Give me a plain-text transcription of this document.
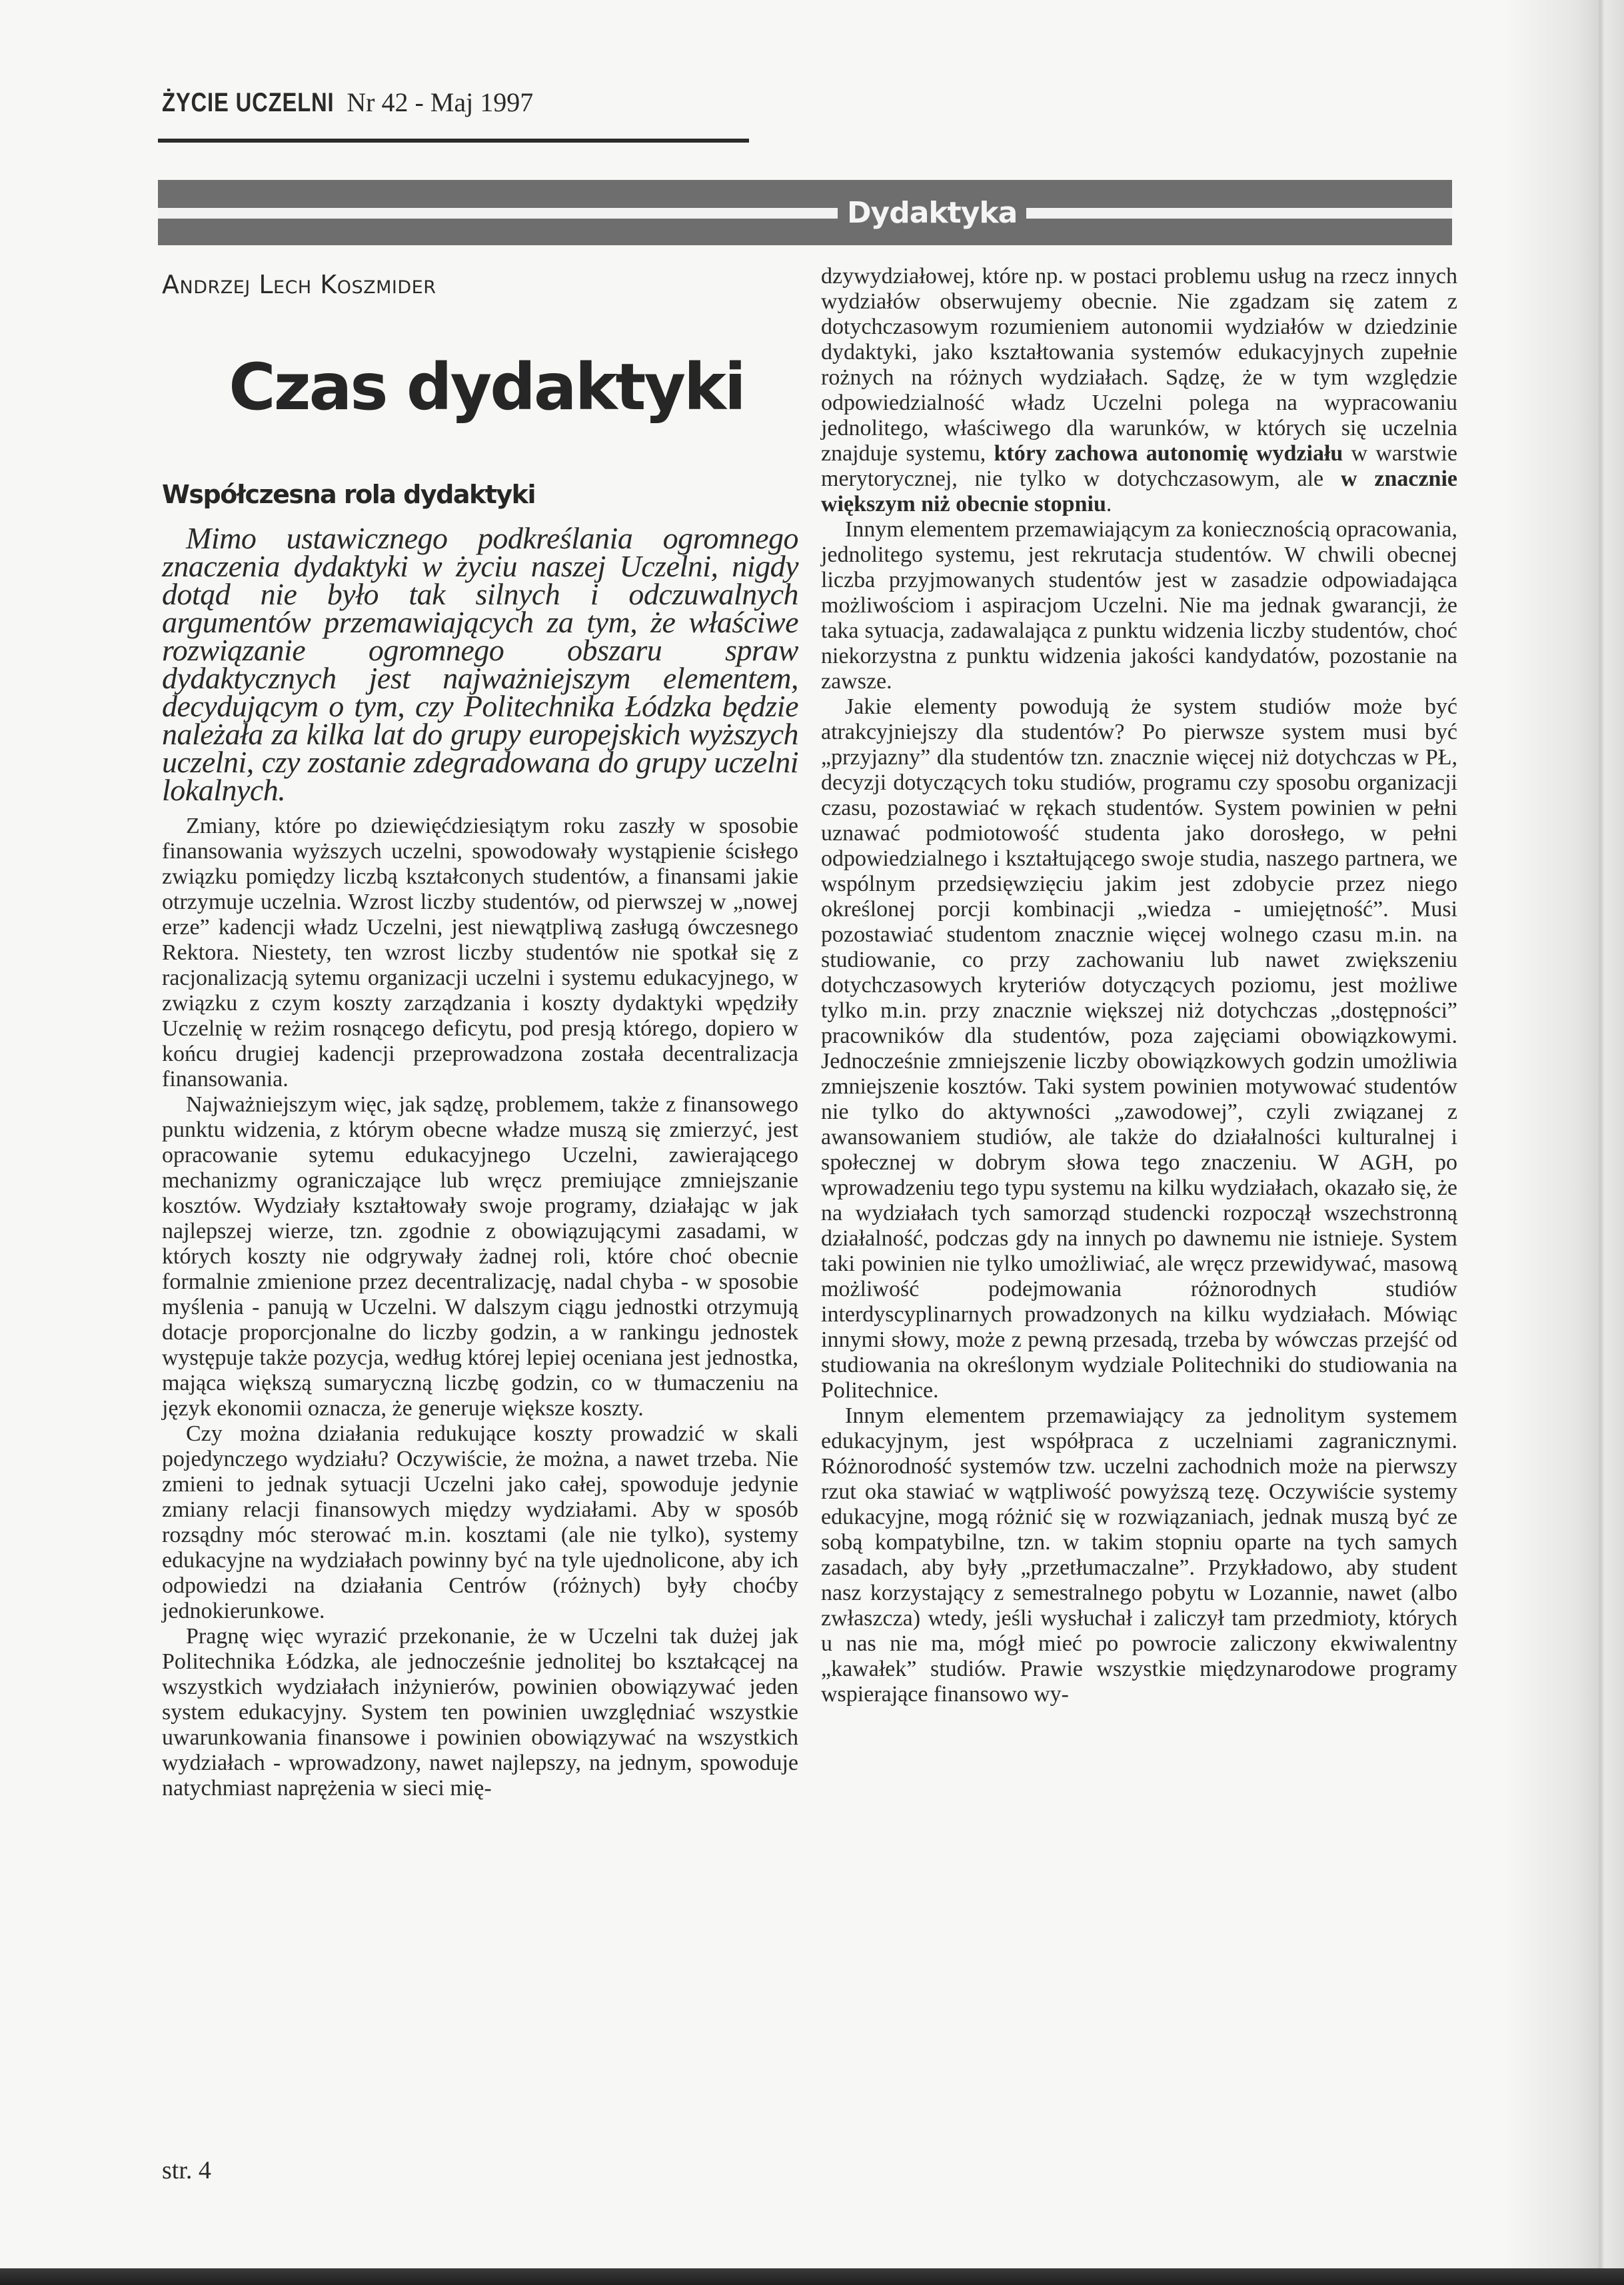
ŻYCIE UCZELNI Nr 42 - Maj 1997
Dydaktyka
Andrzej Lech Koszmider
Czas dydaktyki
Współczesna rola dydaktyki

Mimo ustawicznego podkreślania ogromnego znaczenia dydaktyki w życiu naszej Uczelni, nigdy dotąd nie było tak silnych i odczuwalnych argumentów przemawiających za tym, że właściwe rozwiązanie ogromnego obszaru spraw dydaktycznych jest najważniejszym elementem, decydującym o tym, czy Politechnika Łódzka będzie należała za kilka lat do grupy europejskich wyższych uczelni, czy zostanie zdegradowana do grupy uczelni lokalnych.

Zmiany, które po dziewięćdziesiątym roku zaszły w sposobie finansowania wyższych uczelni, spowodowały wystąpienie ścisłego związku pomiędzy liczbą kształconych studentów, a finansami jakie otrzymuje uczelnia. Wzrost liczby studentów, od pierwszej w „nowej erze” kadencji władz Uczelni, jest niewątpliwą zasługą ówczesnego Rektora. Niestety, ten wzrost liczby studentów nie spotkał się z racjonalizacją sytemu organizacji uczelni i systemu edukacyjnego, w związku z czym koszty zarządzania i koszty dydaktyki wpędziły Uczelnię w reżim rosnącego deficytu, pod presją którego, dopiero w końcu drugiej kadencji przeprowadzona została decentralizacja finansowania.

Najważniejszym więc, jak sądzę, problemem, także z finansowego punktu widzenia, z którym obecne władze muszą się zmierzyć, jest opracowanie sytemu edukacyjnego Uczelni, zawierającego mechanizmy ograniczające lub wręcz premiujące zmniejszanie kosztów. Wydziały kształtowały swoje programy, działając w jak najlepszej wierze, tzn. zgodnie z obowiązującymi zasadami, w których koszty nie odgrywały żadnej roli, które choć obecnie formalnie zmienione przez decentralizację, nadal chyba - w sposobie myślenia - panują w Uczelni. W dalszym ciągu jednostki otrzymują dotacje proporcjonalne do liczby godzin, a w rankingu jednostek występuje także pozycja, według której lepiej oceniana jest jednostka, mająca większą sumaryczną liczbę godzin, co w tłumaczeniu na język ekonomii oznacza, że generuje większe koszty.

Czy można działania redukujące koszty prowadzić w skali pojedynczego wydziału? Oczywiście, że można, a nawet trzeba. Nie zmieni to jednak sytuacji Uczelni jako całej, spowoduje jedynie zmiany relacji finansowych między wydziałami. Aby w sposób rozsądny móc sterować m.in. kosztami (ale nie tylko), systemy edukacyjne na wydziałach powinny być na tyle ujednolicone, aby ich odpowiedzi na działania Centrów (różnych) były choćby jednokierunkowe.

Pragnę więc wyrazić przekonanie, że w Uczelni tak dużej jak Politechnika Łódzka, ale jednocześnie jednolitej bo kształcącej na wszystkich wydziałach inżynierów, powinien obowiązywać jeden system edukacyjny. System ten powinien uwzględniać wszystkie uwarunkowania finansowe i powinien obowiązywać na wszystkich wydziałach - wprowadzony, nawet najlepszy, na jednym, spowoduje natychmiast naprężenia w sieci mię-

dzywydziałowej, które np. w postaci problemu usług na rzecz innych wydziałów obserwujemy obecnie. Nie zgadzam się zatem z dotychczasowym rozumieniem autonomii wydziałów w dziedzinie dydaktyki, jako kształtowania systemów edukacyjnych zupełnie rożnych na różnych wydziałach. Sądzę, że w tym względzie odpowiedzialność władz Uczelni polega na wypracowaniu jednolitego, właściwego dla warunków, w których się uczelnia znajduje systemu, który zachowa autonomię wydziału w warstwie merytorycznej, nie tylko w dotychczasowym, ale w znacznie większym niż obecnie stopniu.

Innym elementem przemawiającym za koniecznością opracowania, jednolitego systemu, jest rekrutacja studentów. W chwili obecnej liczba przyjmowanych studentów jest w zasadzie odpowiadająca możliwościom i aspiracjom Uczelni. Nie ma jednak gwarancji, że taka sytuacja, zadawalająca z punktu widzenia liczby studentów, choć niekorzystna z punktu widzenia jakości kandydatów, pozostanie na zawsze.

Jakie elementy powodują że system studiów może być atrakcyjniejszy dla studentów? Po pierwsze system musi być „przyjazny” dla studentów tzn. znacznie więcej niż dotychczas w PŁ, decyzji dotyczących toku studiów, programu czy sposobu organizacji czasu, pozostawiać w rękach studentów. System powinien w pełni uznawać podmiotowość studenta jako dorosłego, w pełni odpowiedzialnego i kształtującego swoje studia, naszego partnera, we wspólnym przedsięwzięciu jakim jest zdobycie przez niego określonej porcji kombinacji „wiedza - umiejętność”. Musi pozostawiać studentom znacznie więcej wolnego czasu m.in. na studiowanie, co przy zachowaniu lub nawet zwiększeniu dotychczasowych kryteriów dotyczących poziomu, jest możliwe tylko m.in. przy znacznie większej niż dotychczas „dostępności” pracowników dla studentów, poza zajęciami obowiązkowymi. Jednocześnie zmniejszenie liczby obowiązkowych godzin umożliwia zmniejszenie kosztów. Taki system powinien motywować studentów nie tylko do aktywności „zawodowej”, czyli związanej z awansowaniem studiów, ale także do działalności kulturalnej i społecznej w dobrym słowa tego znaczeniu. W AGH, po wprowadzeniu tego typu systemu na kilku wydziałach, okazało się, że na wydziałach tych samorząd studencki rozpoczął wszechstronną działalność, podczas gdy na innych po dawnemu nie istnieje. System taki powinien nie tylko umożliwiać, ale wręcz przewidywać, masową możliwość podejmowania różnorodnych studiów interdyscyplinarnych prowadzonych na kilku wydziałach. Mówiąc innymi słowy, może z pewną przesadą, trzeba by wówczas przejść od studiowania na określonym wydziale Politechniki do studiowania na Politechnice.

Innym elementem przemawiający za jednolitym systemem edukacyjnym, jest współpraca z uczelniami zagranicznymi. Różnorodność systemów tzw. uczelni zachodnich może na pierwszy rzut oka stawiać w wątpliwość powyższą tezę. Oczywiście systemy edukacyjne, mogą różnić się w rozwiązaniach, jednak muszą być ze sobą kompatybilne, tzn. w takim stopniu oparte na tych samych zasadach, aby były „przetłumaczalne”. Przykładowo, aby student nasz korzystający z semestralnego pobytu w Lozannie, nawet (albo zwłaszcza) wtedy, jeśli wysłuchał i zaliczył tam przedmioty, których u nas nie ma, mógł mieć po powrocie zaliczony ekwiwalentny „kawałek” studiów. Prawie wszystkie międzynarodowe programy wspierające finansowo wy-

str. 4
